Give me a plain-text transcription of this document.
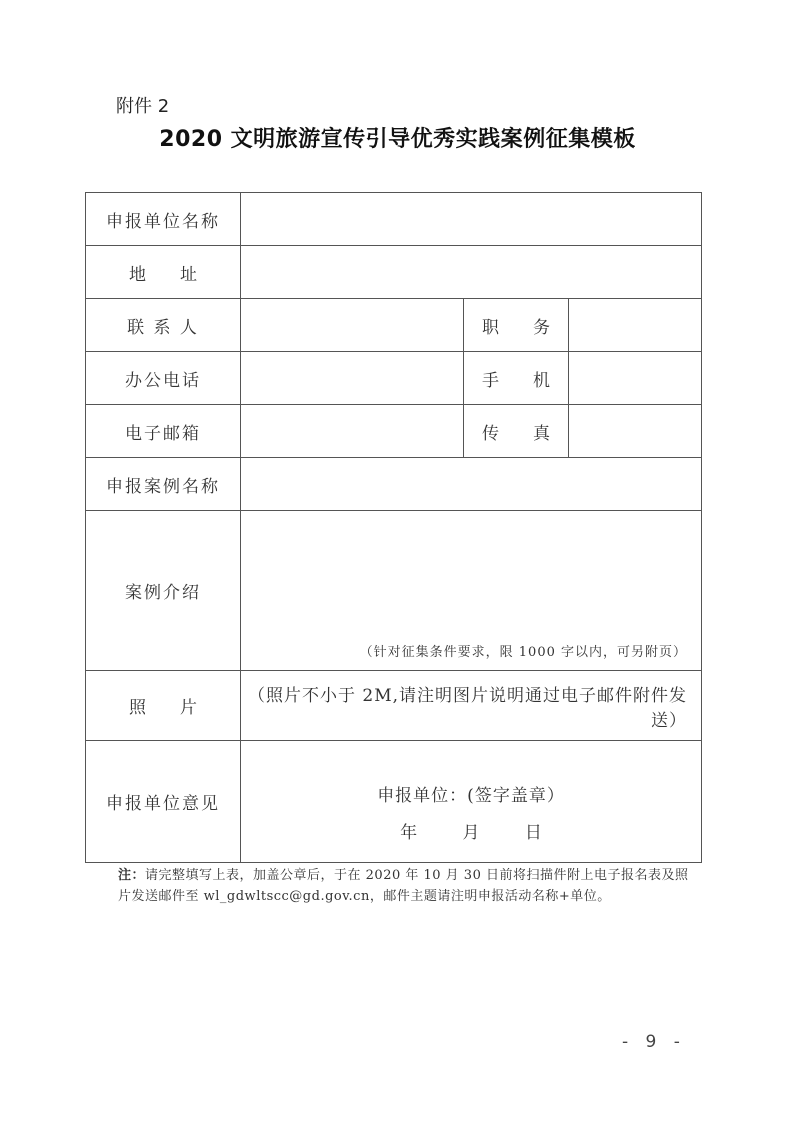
附件 2
2020 文明旅游宣传引导优秀实践案例征集模板
申报单位名称			
地　　址			
联 系 人		职　　务	
办公电话		手　　机	
电子邮箱		传　　真	
申报案例名称			
案例介绍	（针对征集条件要求，限 1000 字以内，可另附页）		

照　　片	（照片不小于 2M,请注明图片说明通过电子邮件附件发送）		
申报单位意见	申报单位：(签字盖章）
年 月 日		
注：请完整填写上表，加盖公章后，于在 2020 年 10 月 30 日前将扫描件附上电子报名表及照片发送邮件至 wl_gdwltscc@gd.gov.cn，邮件主题请注明申报活动名称+单位。
- 9 -
